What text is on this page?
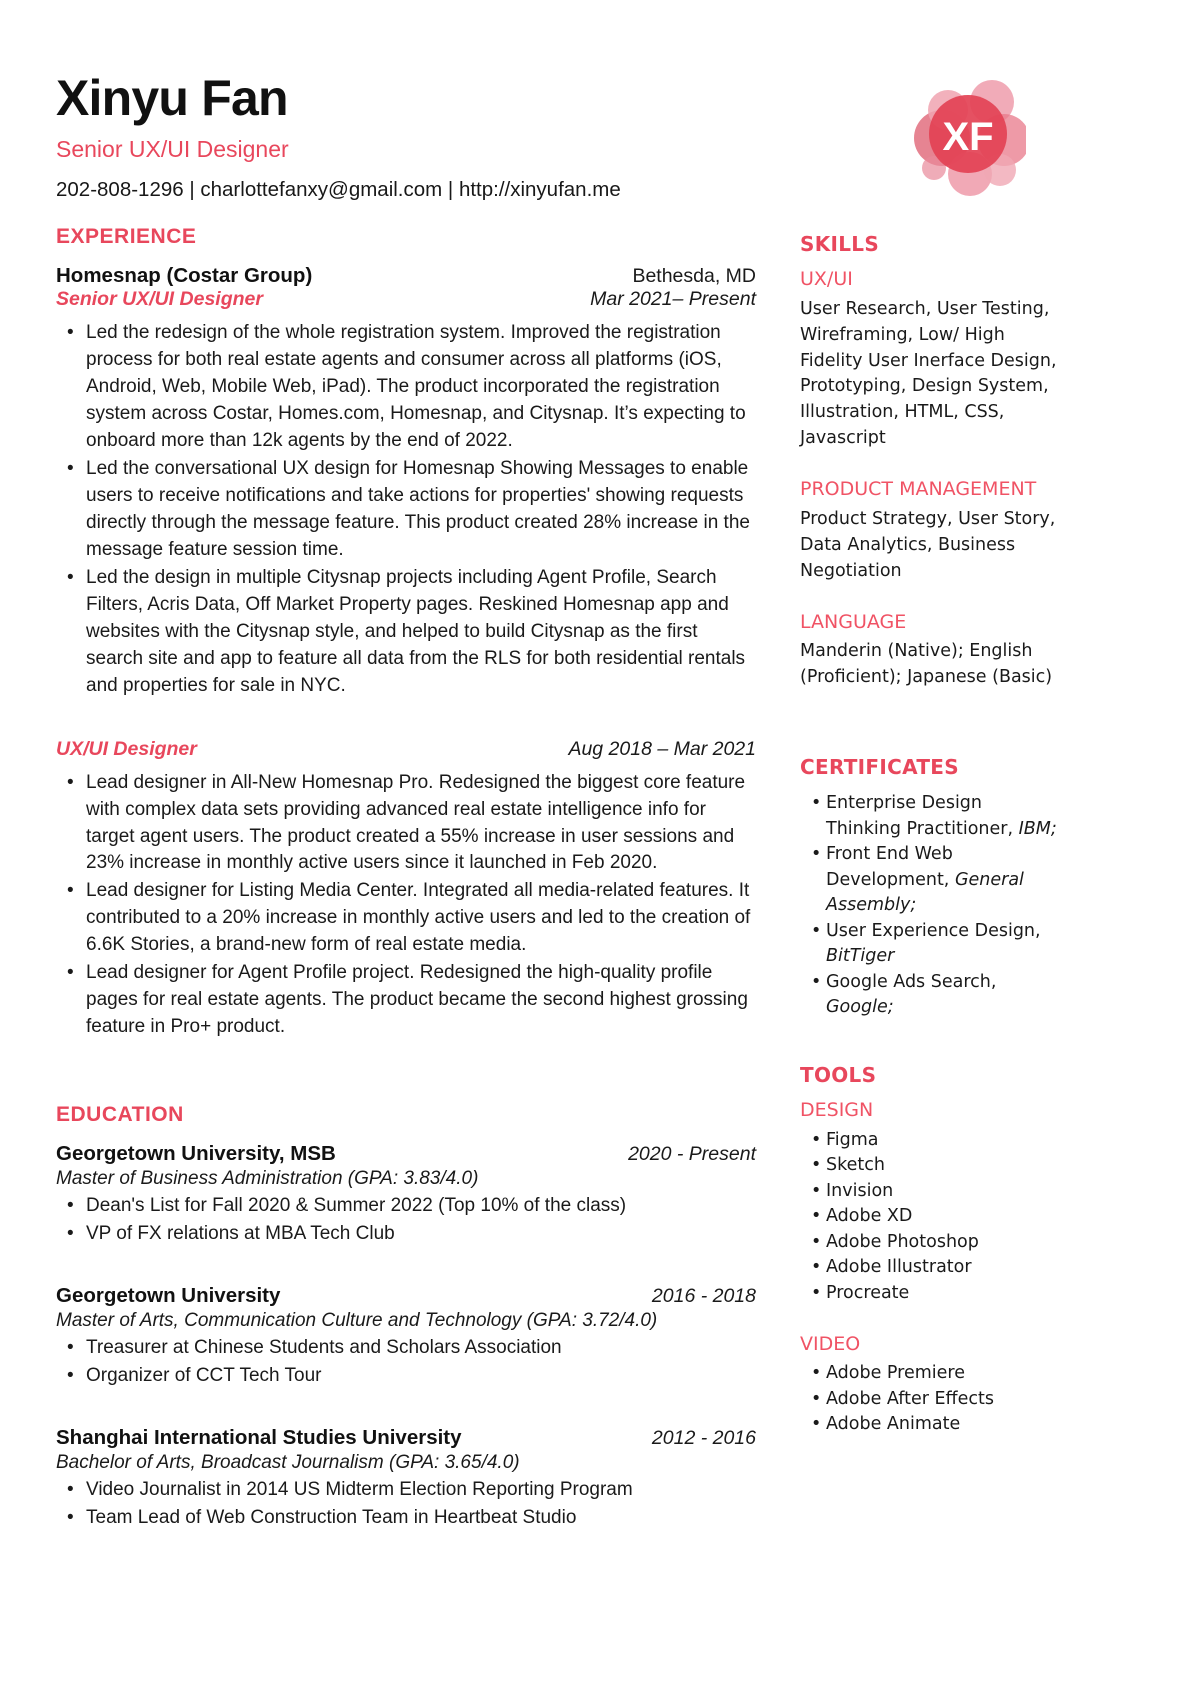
Xinyu Fan
Senior UX/UI Designer
202-808-1296 | charlottefanxy@gmail.com | http://xinyufan.me
XF
EXPERIENCE
Homesnap (Costar Group)	Bethesda, MD
Senior UX/UI Designer	Mar 2021– Present
• Led the redesign of the whole registration system. Improved the registration process for both real estate agents and consumer across all platforms (iOS, Android, Web, Mobile Web, iPad). The product incorporated the registration system across Costar, Homes.com, Homesnap, and Citysnap. It’s expecting to onboard more than 12k agents by the end of 2022.
• Led the conversational UX design for Homesnap Showing Messages to enable users to receive notifications and take actions for properties' showing requests directly through the message feature. This product created 28% increase in the message feature session time.
• Led the design in multiple Citysnap projects including Agent Profile, Search Filters, Acris Data, Off Market Property pages. Reskined Homesnap app and websites with the Citysnap style, and helped to build Citysnap as the first search site and app to feature all data from the RLS for both residential rentals and properties for sale in NYC.
UX/UI Designer	Aug 2018 – Mar 2021
• Lead designer in All-New Homesnap Pro. Redesigned the biggest core feature with complex data sets providing advanced real estate intelligence info for target agent users. The product created a 55% increase in user sessions and 23% increase in monthly active users since it launched in Feb 2020.
• Lead designer for Listing Media Center. Integrated all media-related features. It contributed to a 20% increase in monthly active users and led to the creation of 6.6K Stories, a brand-new form of real estate media.
• Lead designer for Agent Profile project. Redesigned the high-quality profile pages for real estate agents. The product became the second highest grossing feature in Pro+ product.
EDUCATION
Georgetown University, MSB	2020 - Present
Master of Business Administration (GPA: 3.83/4.0)
• Dean's List for Fall 2020 & Summer 2022 (Top 10% of the class)
• VP of FX relations at MBA Tech Club
Georgetown University	2016 - 2018
Master of Arts, Communication Culture and Technology (GPA: 3.72/4.0)
• Treasurer at Chinese Students and Scholars Association
• Organizer of CCT Tech Tour
Shanghai International Studies University	2012 - 2016
Bachelor of Arts, Broadcast Journalism (GPA: 3.65/4.0)
• Video Journalist in 2014 US Midterm Election Reporting Program
• Team Lead of Web Construction Team in Heartbeat Studio
SKILLS
UX/UI
User Research, User Testing, Wireframing, Low/ High Fidelity User Inerface Design, Prototyping, Design System, Illustration, HTML, CSS, Javascript
PRODUCT MANAGEMENT
Product Strategy, User Story, Data Analytics, Business Negotiation
LANGUAGE
Manderin (Native); English (Proficient); Japanese (Basic)
CERTIFICATES
• Enterprise Design Thinking Practitioner, IBM;
• Front End Web Development, General Assembly;
• User Experience Design, BitTiger
• Google Ads Search, Google;
TOOLS
DESIGN
• Figma
• Sketch
• Invision
• Adobe XD
• Adobe Photoshop
• Adobe Illustrator
• Procreate
VIDEO
• Adobe Premiere
• Adobe After Effects
• Adobe Animate
